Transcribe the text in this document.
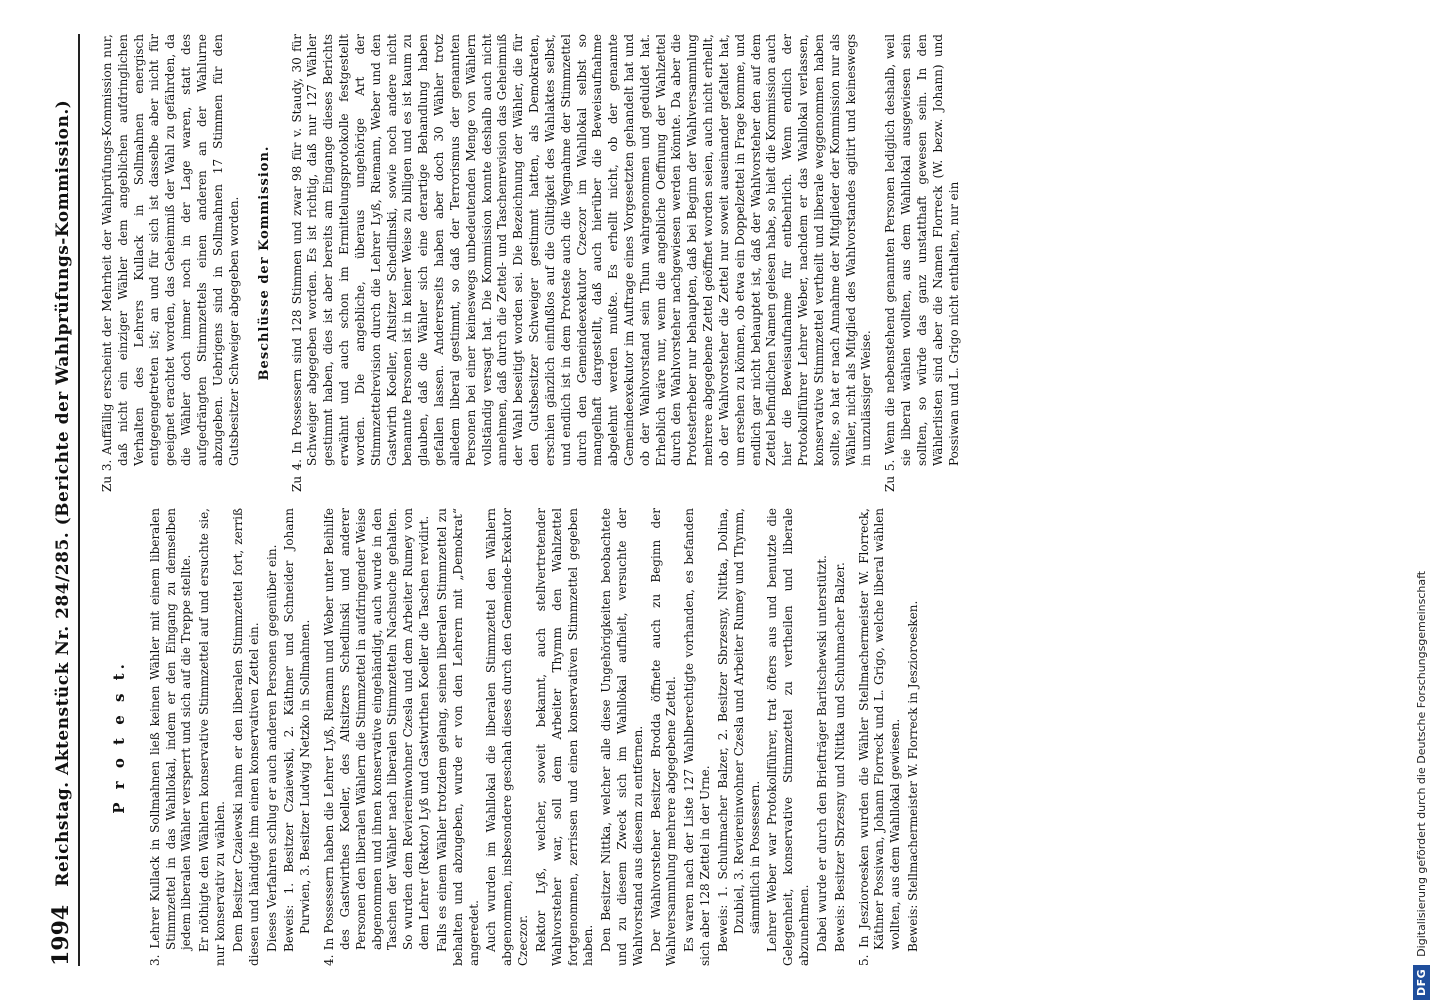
DFG
Digitalisierung gefördert durch die Deutsche Forschungsgemeinschaft
1994
Reichstag. Aktenstück Nr. 284/285. (Berichte der Wahlprüfungs-Kommission.) P r o t e s t. 3. Lehrer Kullack in Sollmahnen ließ keinen Wähler mit einem liberalen Stimmzettel in das Wahllokal, indem er den Eingang zu demselben jedem liberalen Wähler versperrt und sich auf die Treppe stellte. Er nöthigte den Wählern konservative Stimmzettel auf und ersuchte sie, nur konservativ zu wählen. Dem Besitzer Czaiewski nahm er den liberalen Stimmzettel fort, zerriß diesen und händigte ihm einen konservativen Zettel ein. Dieses Verfahren schlug er auch anderen Personen gegenüber ein. Beweis: 1. Besitzer Czaiewski, 2. Käthner und Schneider Johann Purwien, 3. Besitzer Ludwig Netzko in Sollmahnen. 4. In Possessern haben die Lehrer Lyß, Riemann und Weber unter Beihilfe des Gastwirthes Koeller, des Altsitzers Schedlinski und anderer Personen den liberalen Wählern die Stimmzettel in aufdringender Weise abgenommen und ihnen konservative eingehändigt, auch wurde in den Taschen der Wähler nach liberalen Stimmzetteln Nachsuche gehalten. So wurden dem Reviereinwohner Czesla und dem Arbeiter Rumey von dem Lehrer (Rektor) Lyß und Gastwirthen Koeller die Taschen revidirt. Falls es einem Wähler trotzdem gelang, seinen liberalen Stimmzettel zu behalten und abzugeben, wurde er von den Lehrern mit „Demokrat“ angeredet. Auch wurden im Wahllokal die liberalen Stimmzettel den Wählern abgenommen, insbesondere geschah dieses durch den Gemeinde-Exekutor Czeczor. Rektor Lyß, welcher, soweit bekannt, auch stellvertretender Wahlvorsteher war, soll dem Arbeiter Thymm den Wahlzettel fortgenommen, zerrissen und einen konservativen Stimmzettel gegeben haben. Den Besitzer Nittka, welcher alle diese Ungehörigkeiten beobachtete und zu diesem Zweck sich im Wahllokal aufhielt, versuchte der Wahlvorstand aus diesem zu entfernen. Der Wahlvorsteher Besitzer Brodda öffnete auch zu Beginn der Wahlversammlung mehrere abgegebene Zettel. Es waren nach der Liste 127 Wahlberechtigte vorhanden, es befanden sich aber 128 Zettel in der Urne. Beweis: 1. Schuhmacher Balzer, 2. Besitzer Sbrzesny, Nittka, Dolina, Dzubiel, 3. Reviereinwohner Czesla und Arbeiter Rumey und Thymm, sämmtlich in Possessern. Lehrer Weber war Protokollführer, trat öfters aus und benutzte die Gelegenheit, konservative Stimmzettel zu vertheilen und liberale abzunehmen. Dabei wurde er durch den Briefträger Baritschewski unterstützt. Beweis: Besitzer Sbrzesny und Nittka und Schuhmacher Balzer. 5. In Jeszioroesken wurden die Wähler Stellmachermeister W. Florreck, Käthner Possiwan, Johann Florreck und L. Grigo, welche liberal wählen wollten, aus dem Wahllokal gewiesen. Beweis: Stellmachermeister W. Florreck in Jeszioroesken.

Zu 3. Auffällig erscheint der Mehrheit der Wahlprüfungs-Kommission nur, daß nicht ein einziger Wähler dem angeblichen aufdringlichen Verhalten des Lehrers Kullack in Sollmahnen energisch entgegengetreten ist; an und für sich ist dasselbe aber nicht für geeignet erachtet worden, das Geheimniß der Wahl zu gefährden, da die Wähler doch immer noch in der Lage waren, statt des aufgedrängten Stimmzettels einen anderen an der Wahlurne abzugeben. Uebrigens sind in Sollmahnen 17 Stimmen für den Gutsbesitzer Schweiger abgegeben worden. Beschlüsse der Kommission. Zu 4. In Possessern sind 128 Stimmen und zwar 98 für v. Staudy, 30 für Schweiger abgegeben worden. Es ist richtig, daß nur 127 Wähler gestimmt haben, dies ist aber bereits am Eingange dieses Berichts erwähnt und auch schon im Ermittelungsprotokolle festgestellt worden. Die angebliche, überaus ungehörige Art der Stimmzettelrevision durch die Lehrer Lyß, Riemann, Weber und den Gastwirth Koeller, Altsitzer Schedlinski, sowie noch andere nicht benannte Personen ist in keiner Weise zu billigen und es ist kaum zu glauben, daß die Wähler sich eine derartige Behandlung haben gefallen lassen. Andererseits haben aber doch 30 Wähler trotz alledem liberal gestimmt, so daß der Terrorismus der genannten Personen bei einer keineswegs unbedeutenden Menge von Wählern vollständig versagt hat. Die Kommission konnte deshalb auch nicht annehmen, daß durch die Zettel- und Taschenrevision das Geheimniß der Wahl beseitigt worden sei. Die Bezeichnung der Wähler, die für den Gutsbesitzer Schweiger gestimmt hatten, als Demokraten, erschien gänzlich einflußlos auf die Gültigkeit des Wahlaktes selbst, und endlich ist in dem Proteste auch die Wegnahme der Stimmzettel durch den Gemeindeexekutor Czeczor im Wahllokal selbst so mangelhaft dargestellt, daß auch hierüber die Beweisaufnahme abgelehnt werden mußte. Es erhellt nicht, ob der genannte Gemeindeexekutor im Auftrage eines Vorgesetzten gehandelt hat und ob der Wahlvorstand sein Thun wahrgenommen und geduldet hat. Erheblich wäre nur, wenn die angebliche Oeffnung der Wahlzettel durch den Wahlvorsteher nachgewiesen werden könnte. Da aber die Protesterheber nur behaupten, daß bei Beginn der Wahlversammlung mehrere abgegebene Zettel geöffnet worden seien, auch nicht erhellt, ob der Wahlvorsteher die Zettel nur soweit auseinander gefaltet hat, um ersehen zu können, ob etwa ein Doppelzettel in Frage komme, und endlich gar nicht behauptet ist, daß der Wahlvorsteher den auf dem Zettel befindlichen Namen gelesen habe, so hielt die Kommission auch hier die Beweisaufnahme für entbehrlich. Wenn endlich der Protokollführer Lehrer Weber, nachdem er das Wahllokal verlassen, konservative Stimmzettel vertheilt und liberale weggenommen haben sollte, so hat er nach Annahme der Mitglieder der Kommission nur als Wähler, nicht als Mitglied des Wahlvorstandes agitirt und keineswegs in unzulässiger Weise. Zu 5. Wenn die nebenstehend genannten Personen lediglich deshalb, weil sie liberal wählen wollten, aus dem Wahllokal ausgewiesen sein sollten, so würde das ganz unstatthaft gewesen sein. In den Wählerlisten sind aber die Namen Florreck (W. bezw. Johann) und Possiwan und L. Grigo nicht enthalten, nur ein
